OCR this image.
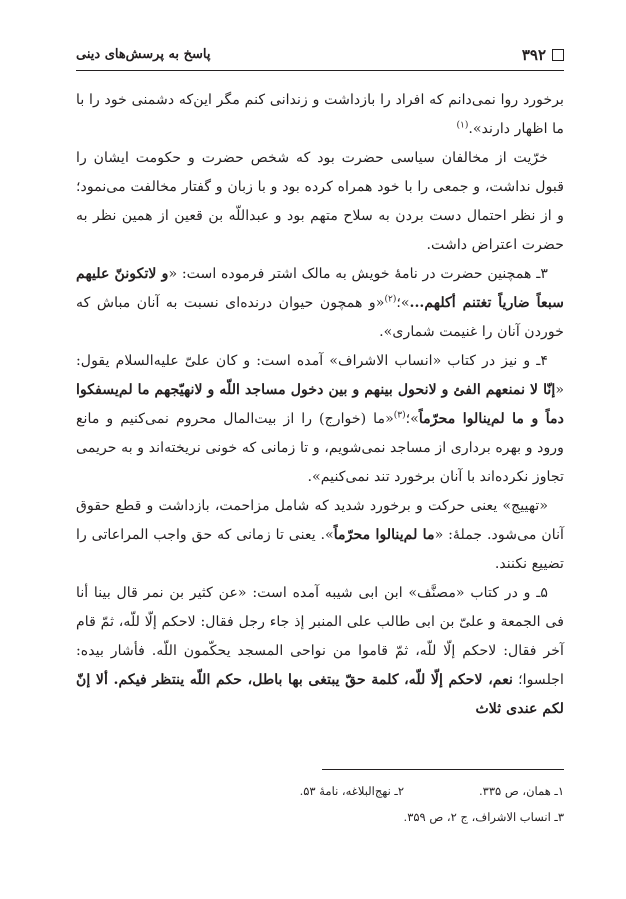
۳۹۲
پاسخ به پرسش‌های دینی

برخورد روا نمی‌دانم که افراد را بازداشت و زندانی کنم مگر این‌که دشمنی خود را با ما اظهار دارند».$^{(۱)}$

خرّیت از مخالفان سیاسی حضرت بود که شخص حضرت و حکومت ایشان را قبول نداشت، و جمعی را با خود همراه کرده بود و با زبان و گفتار مخالفت می‌نمود؛ و از نظر احتمال دست بردن به سلاح متهم بود و عبداللّه بن قعین از همین نظر به حضرت اعتراض داشت.

۳ـ همچنین حضرت در نامهٔ خویش به مالک اشتر فرموده است: «و لاتکوننّ علیهم سبعاً ضاریاً تغتنم أکلهم...»؛$^{(۲)}$«و همچون حیوان درنده‌ای نسبت به آنان مباش که خوردن آنان را غنیمت شماری».

۴ـ و نیز در کتاب «انساب الاشراف» آمده است: و کان علیّ عليه‌السلام یقول: «إنّا لا نمنعهم الفئ و لانحول بینهم و بین دخول مساجد اللّه و لانهیّجهم ما لم‌یسفکوا دماً و ما لم‌ینالوا محرّماً»؛$^{(۳)}$«ما (خوارج) را از بیت‌المال محروم نمی‌کنیم و مانع ورود و بهره برداری از مساجد نمی‌شویم، و تا زمانی که خونی نریخته‌اند و به حریمی تجاوز نکرده‌اند با آنان برخورد تند نمی‌کنیم».

«تهییج» یعنی حرکت و برخورد شدید که شامل مزاحمت، بازداشت و قطع حقوق آنان می‌شود. جملهٔ: «ما لم‌ینالوا محرّماً». یعنی تا زمانی که حق واجب المراعاتی را تضییع نکنند.

۵ـ و در کتاب «مصنَّف» ابن ابی شیبه آمده است: «عن کثیر بن نمر قال بینا أنا فی الجمعة و علیّ بن ابی طالب علی المنبر إذ جاء رجل فقال: لاحکم إلّا للّه، ثمّ قام آخر فقال: لاحکم إلّا للّه، ثمّ قاموا من نواحی المسجد یحکّمون اللّه. فأشار بیده: اجلسوا؛ نعم، لاحکم إلّا للّه، کلمة حقّ یبتغی بها باطل، حکم اللّه ینتظر فیکم. ألا إنّ لکم عندی ثلاث

۱ـ همان، ص ۳۳۵.
۲ـ نهج‌البلاغه، نامهٔ ۵۳.
۳ـ انساب الاشراف، ج ۲، ص ۳۵۹.
